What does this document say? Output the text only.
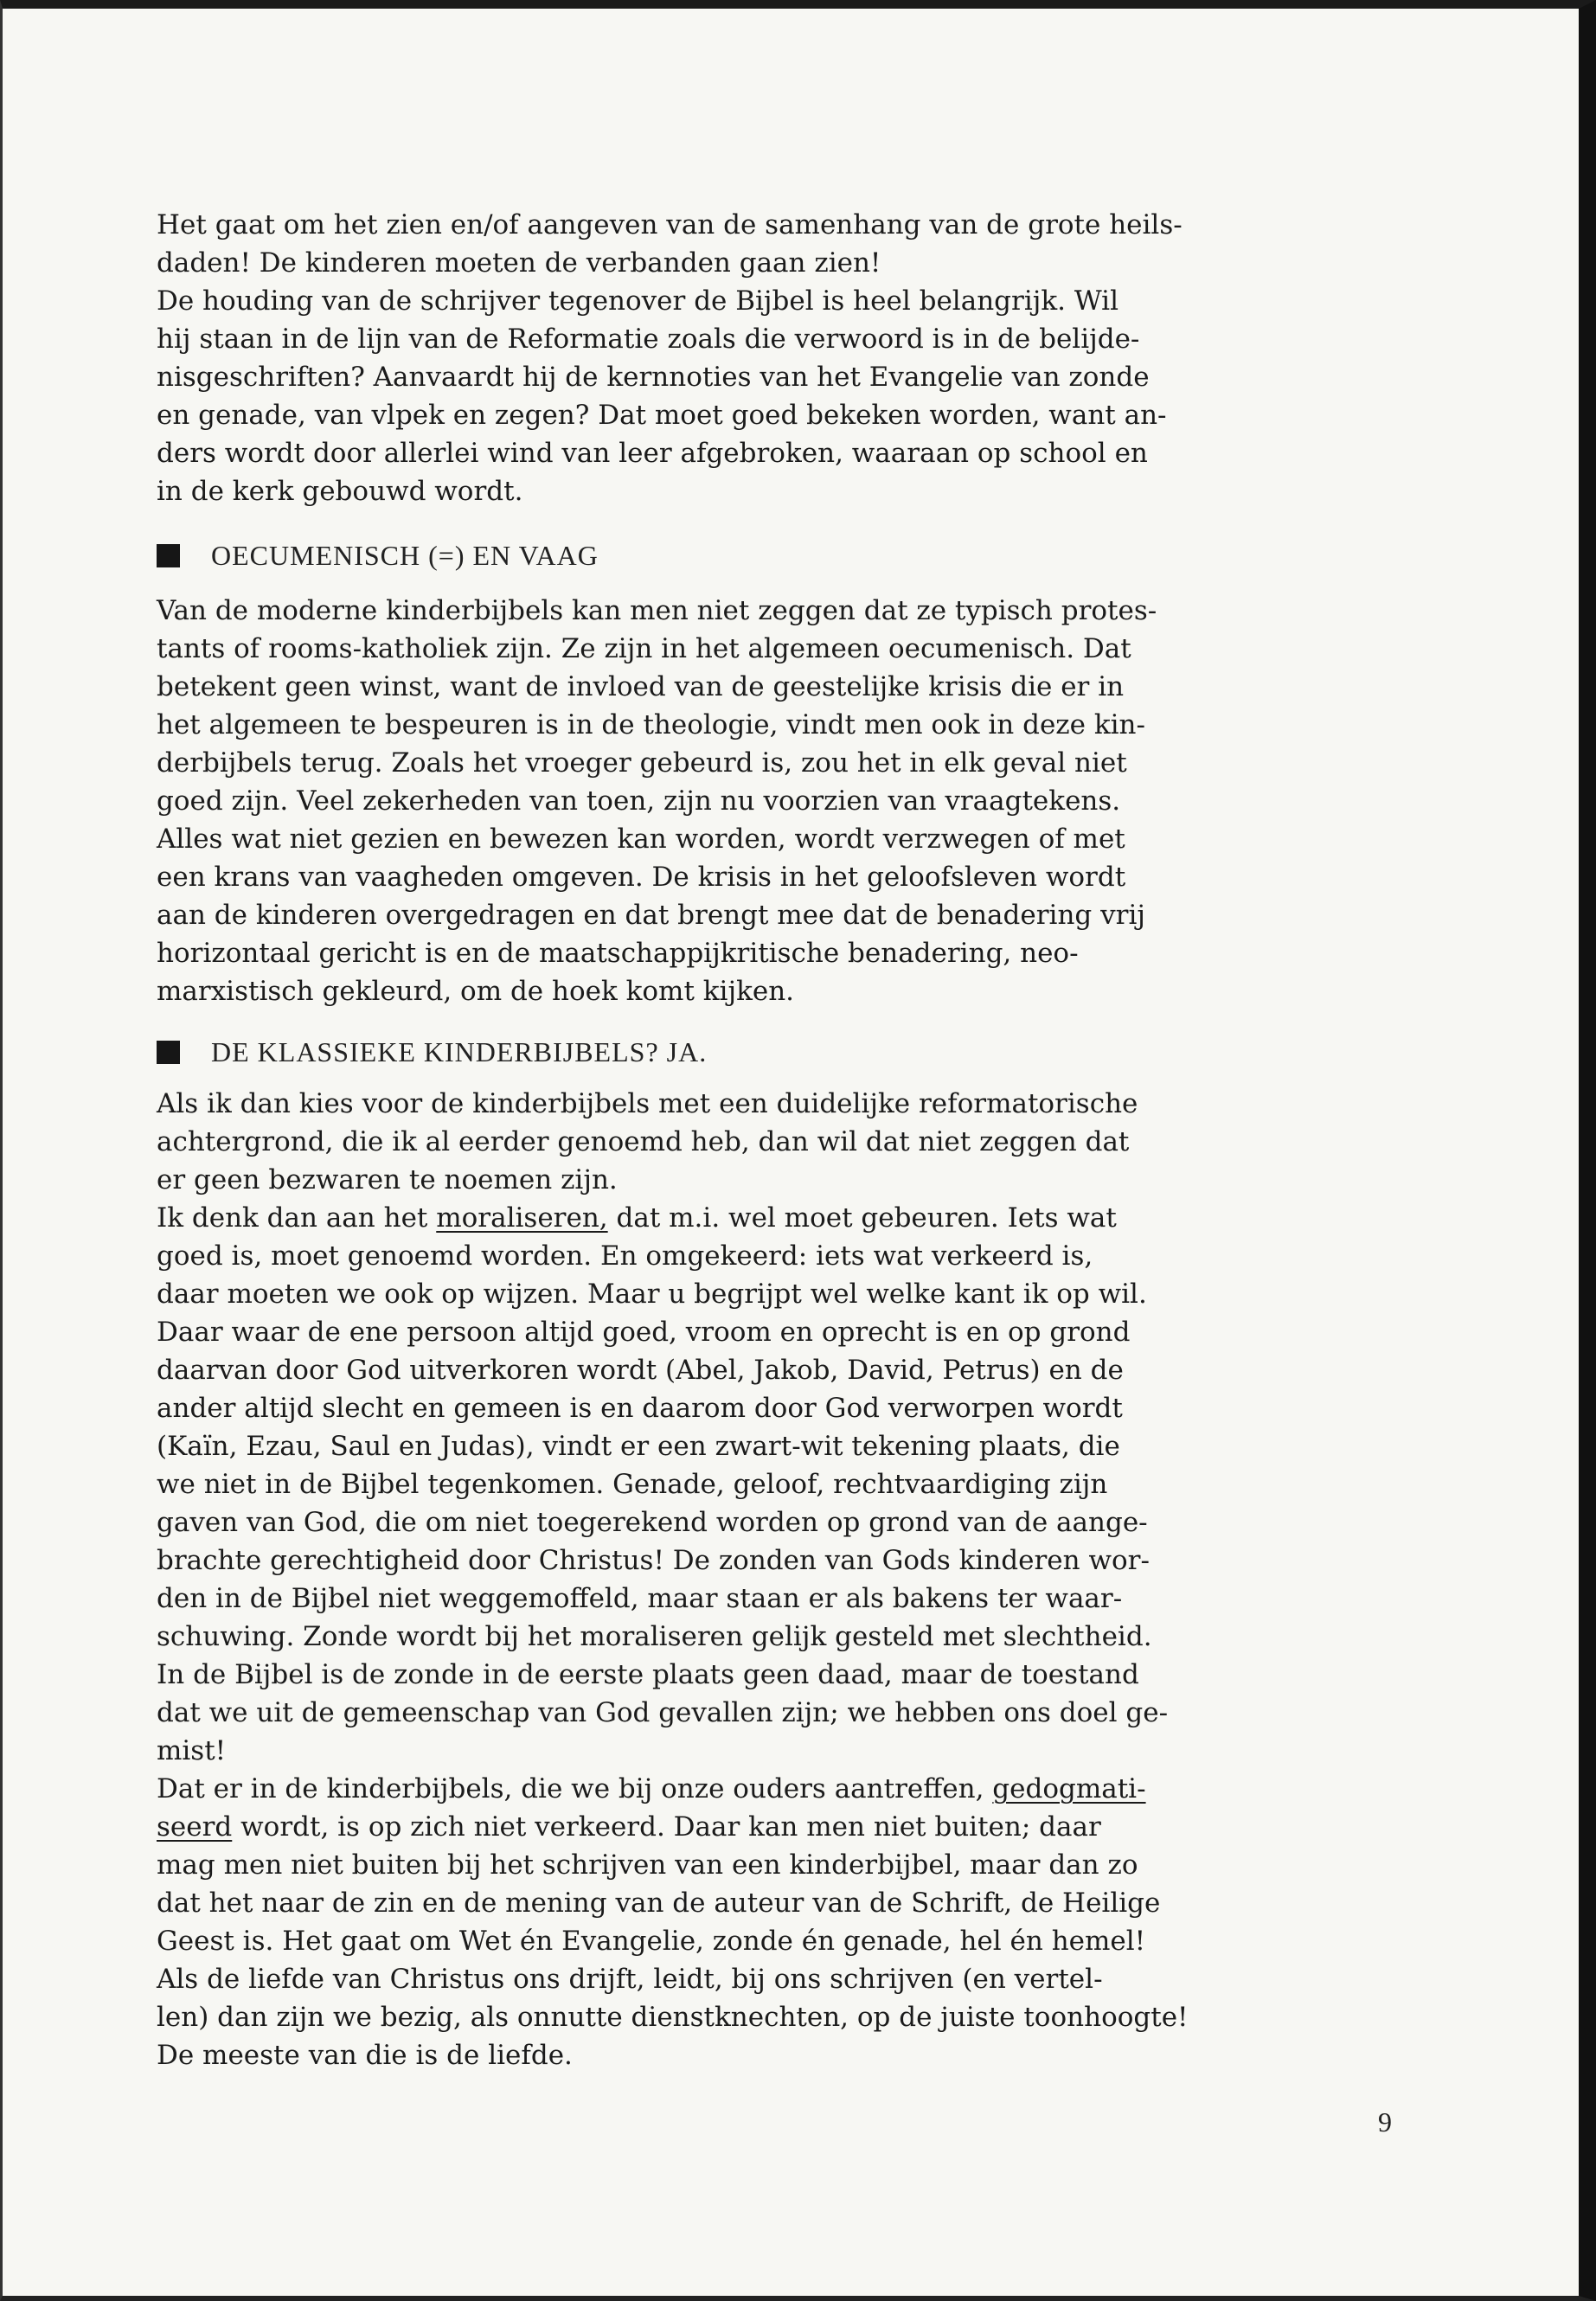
Het gaat om het zien en/of aangeven van de samenhang van de grote heils-

daden! De kinderen moeten de verbanden gaan zien!

De houding van de schrijver tegenover de Bijbel is heel belangrijk. Wil

hij staan in de lijn van de Reformatie zoals die verwoord is in de belijde-

nisgeschriften? Aanvaardt hij de kernnoties van het Evangelie van zonde

en genade, van vlpek en zegen? Dat moet goed bekeken worden, want an-

ders wordt door allerlei wind van leer afgebroken, waaraan op school en

in de kerk gebouwd wordt.

OECUMENISCH (=) EN VAAG

Van de moderne kinderbijbels kan men niet zeggen dat ze typisch protes-

tants of rooms-katholiek zijn. Ze zijn in het algemeen oecumenisch. Dat

betekent geen winst, want de invloed van de geestelijke krisis die er in

het algemeen te bespeuren is in de theologie, vindt men ook in deze kin-

derbijbels terug. Zoals het vroeger gebeurd is, zou het in elk geval niet

goed zijn. Veel zekerheden van toen, zijn nu voorzien van vraagtekens.

Alles wat niet gezien en bewezen kan worden, wordt verzwegen of met

een krans van vaagheden omgeven. De krisis in het geloofsleven wordt

aan de kinderen overgedragen en dat brengt mee dat de benadering vrij

horizontaal gericht is en de maatschappijkritische benadering, neo-

marxistisch gekleurd, om de hoek komt kijken.

DE KLASSIEKE KINDERBIJBELS? JA.

Als ik dan kies voor de kinderbijbels met een duidelijke reformatorische

achtergrond, die ik al eerder genoemd heb, dan wil dat niet zeggen dat

er geen bezwaren te noemen zijn.

Ik denk dan aan het moraliseren, dat m.i. wel moet gebeuren. Iets wat

goed is, moet genoemd worden. En omgekeerd: iets wat verkeerd is,

daar moeten we ook op wijzen. Maar u begrijpt wel welke kant ik op wil.

Daar waar de ene persoon altijd goed, vroom en oprecht is en op grond

daarvan door God uitverkoren wordt (Abel, Jakob, David, Petrus) en de

ander altijd slecht en gemeen is en daarom door God verworpen wordt

(Kaïn, Ezau, Saul en Judas), vindt er een zwart-wit tekening plaats, die

we niet in de Bijbel tegenkomen. Genade, geloof, rechtvaardiging zijn

gaven van God, die om niet toegerekend worden op grond van de aange-

brachte gerechtigheid door Christus! De zonden van Gods kinderen wor-

den in de Bijbel niet weggemoffeld, maar staan er als bakens ter waar-

schuwing. Zonde wordt bij het moraliseren gelijk gesteld met slechtheid.

In de Bijbel is de zonde in de eerste plaats geen daad, maar de toestand

dat we uit de gemeenschap van God gevallen zijn; we hebben ons doel ge-

mist!

Dat er in de kinderbijbels, die we bij onze ouders aantreffen, gedogmati-

seerd wordt, is op zich niet verkeerd. Daar kan men niet buiten; daar

mag men niet buiten bij het schrijven van een kinderbijbel, maar dan zo

dat het naar de zin en de mening van de auteur van de Schrift, de Heilige

Geest is. Het gaat om Wet én Evangelie, zonde én genade, hel én hemel!

Als de liefde van Christus ons drijft, leidt, bij ons schrijven (en vertel-

len) dan zijn we bezig, als onnutte dienstknechten, op de juiste toonhoogte!

De meeste van die is de liefde.

9
